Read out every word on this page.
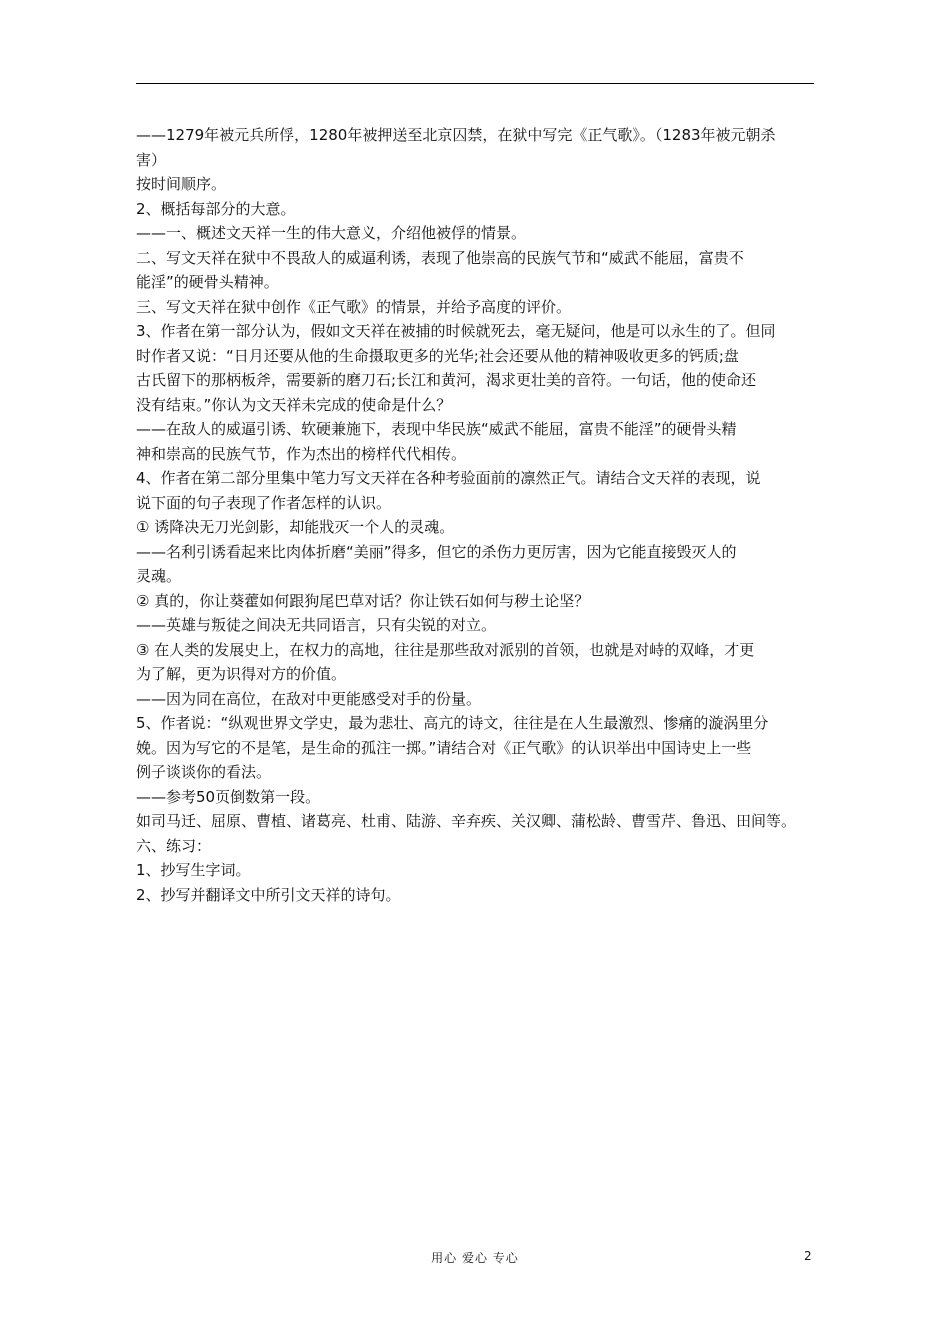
——1279年被元兵所俘，1280年被押送至北京囚禁，在狱中写完《正气歌》。（1283年被元朝杀
害）
按时间顺序。
2、概括每部分的大意。
——一、概述文天祥一生的伟大意义，介绍他被俘的情景。
二、写文天祥在狱中不畏敌人的威逼利诱，表现了他崇高的民族气节和“威武不能屈，富贵不
能淫”的硬骨头精神。
三、写文天祥在狱中创作《正气歌》的情景，并给予高度的评价。
3、作者在第一部分认为，假如文天祥在被捕的时候就死去，毫无疑问，他是可以永生的了。但同
时作者又说：“日月还要从他的生命摄取更多的光华;社会还要从他的精神吸收更多的钙质;盘
古氏留下的那柄板斧，需要新的磨刀石;长江和黄河，渴求更壮美的音符。一句话，他的使命还
没有结束。”你认为文天祥未完成的使命是什么？
——在敌人的威逼引诱、软硬兼施下，表现中华民族“威武不能屈，富贵不能淫”的硬骨头精
神和崇高的民族气节，作为杰出的榜样代代相传。
4、作者在第二部分里集中笔力写文天祥在各种考验面前的凛然正气。请结合文天祥的表现，说
说下面的句子表现了作者怎样的认识。
① 诱降决无刀光剑影，却能戕灭一个人的灵魂。
——名利引诱看起来比肉体折磨“美丽”得多，但它的杀伤力更厉害，因为它能直接毁灭人的
灵魂。
② 真的，你让葵藿如何跟狗尾巴草对话？你让铁石如何与秽土论坚？
——英雄与叛徒之间决无共同语言，只有尖锐的对立。
③ 在人类的发展史上，在权力的高地，往往是那些敌对派别的首领，也就是对峙的双峰，才更
为了解，更为识得对方的价值。
——因为同在高位，在敌对中更能感受对手的份量。
5、作者说：“纵观世界文学史，最为悲壮、高亢的诗文，往往是在人生最激烈、惨痛的漩涡里分
娩。因为写它的不是笔，是生命的孤注一掷。”请结合对《正气歌》的认识举出中国诗史上一些
例子谈谈你的看法。
——参考50页倒数第一段。
如司马迁、屈原、曹植、诸葛亮、杜甫、陆游、辛弃疾、关汉卿、蒲松龄、曹雪芹、鲁迅、田间等。
六、练习：
1、抄写生字词。
2、抄写并翻译文中所引文天祥的诗句。
用心 爱心 专心	2
